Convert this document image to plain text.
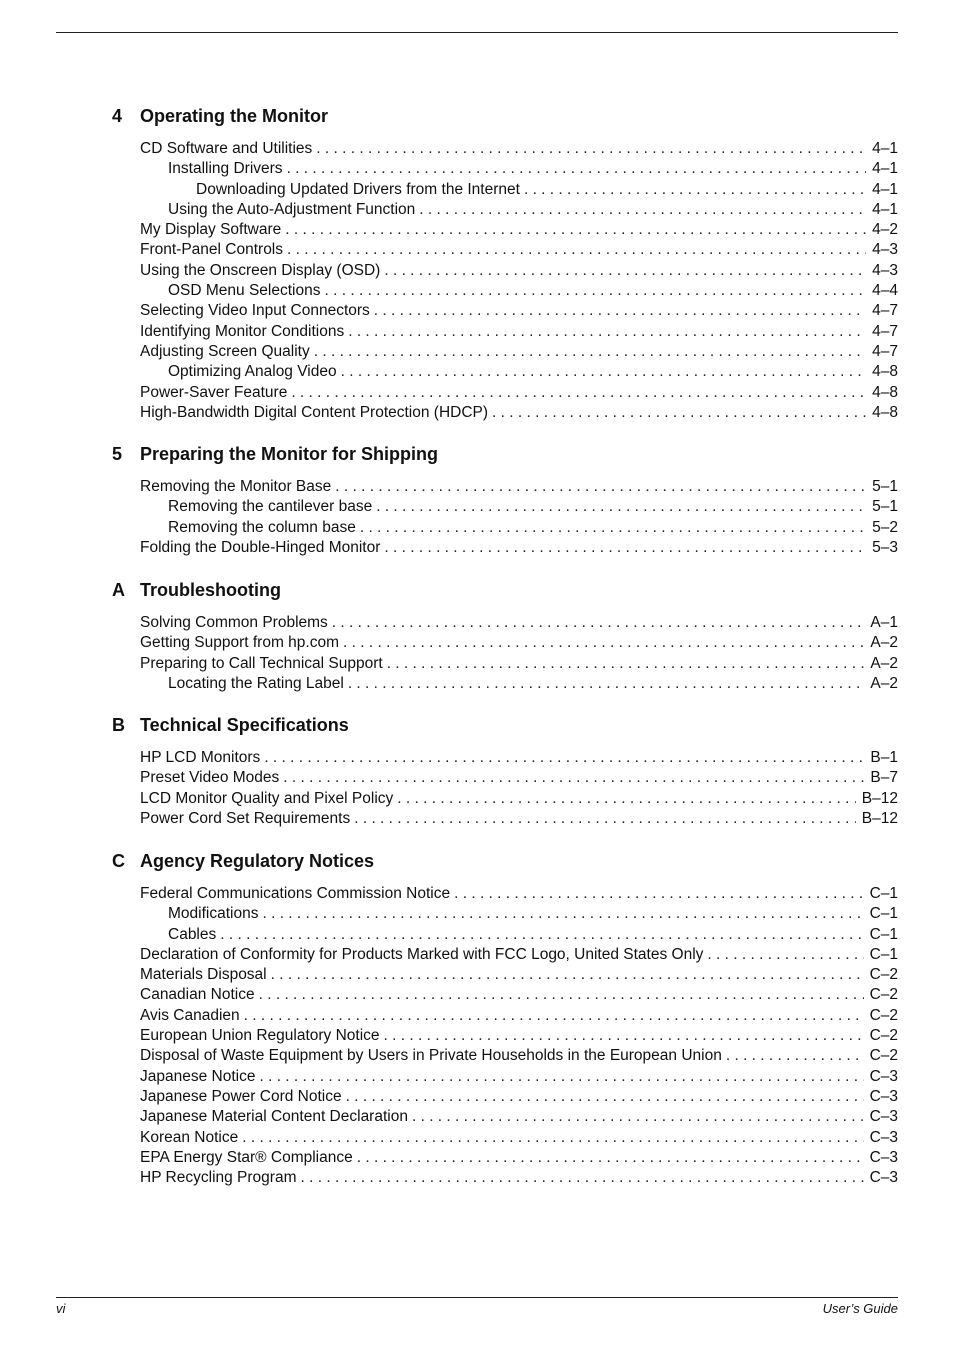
4 Operating the Monitor
CD Software and Utilities . . .	4–1
Installing Drivers . . .	4–1
Downloading Updated Drivers from the Internet . . .	4–1
Using the Auto-Adjustment Function . . .	4–1
My Display Software . . .	4–2
Front-Panel Controls . . .	4–3
Using the Onscreen Display (OSD) . . .	4–3
OSD Menu Selections . . .	4–4
Selecting Video Input Connectors . . .	4–7
Identifying Monitor Conditions . . .	4–7
Adjusting Screen Quality . . .	4–7
Optimizing Analog Video . . .	4–8
Power-Saver Feature . . .	4–8
High-Bandwidth Digital Content Protection (HDCP) . . .	4–8
5 Preparing the Monitor for Shipping
Removing the Monitor Base . . .	5–1
Removing the cantilever base . . .	5–1
Removing the column base . . .	5–2
Folding the Double-Hinged Monitor . . .	5–3
A Troubleshooting
Solving Common Problems . . .	A–1
Getting Support from hp.com . . .	A–2
Preparing to Call Technical Support . . .	A–2
Locating the Rating Label . . .	A–2
B Technical Specifications
HP LCD Monitors . . .	B–1
Preset Video Modes . . .	B–7
LCD Monitor Quality and Pixel Policy . . .	B–12
Power Cord Set Requirements . . .	B–12
C Agency Regulatory Notices
Federal Communications Commission Notice . . .	C–1
Modifications . . .	C–1
Cables . . .	C–1
Declaration of Conformity for Products Marked with FCC Logo, United States Only . . .	C–1
Materials Disposal . . .	C–2
Canadian Notice . . .	C–2
Avis Canadien . . .	C–2
European Union Regulatory Notice . . .	C–2
Disposal of Waste Equipment by Users in Private Households in the European Union . . .	C–2
Japanese Notice . . .	C–3
Japanese Power Cord Notice . . .	C–3
Japanese Material Content Declaration . . .	C–3
Korean Notice . . .	C–3
EPA Energy Star® Compliance . . .	C–3
HP Recycling Program . . .	C–3
vi	User’s Guide
